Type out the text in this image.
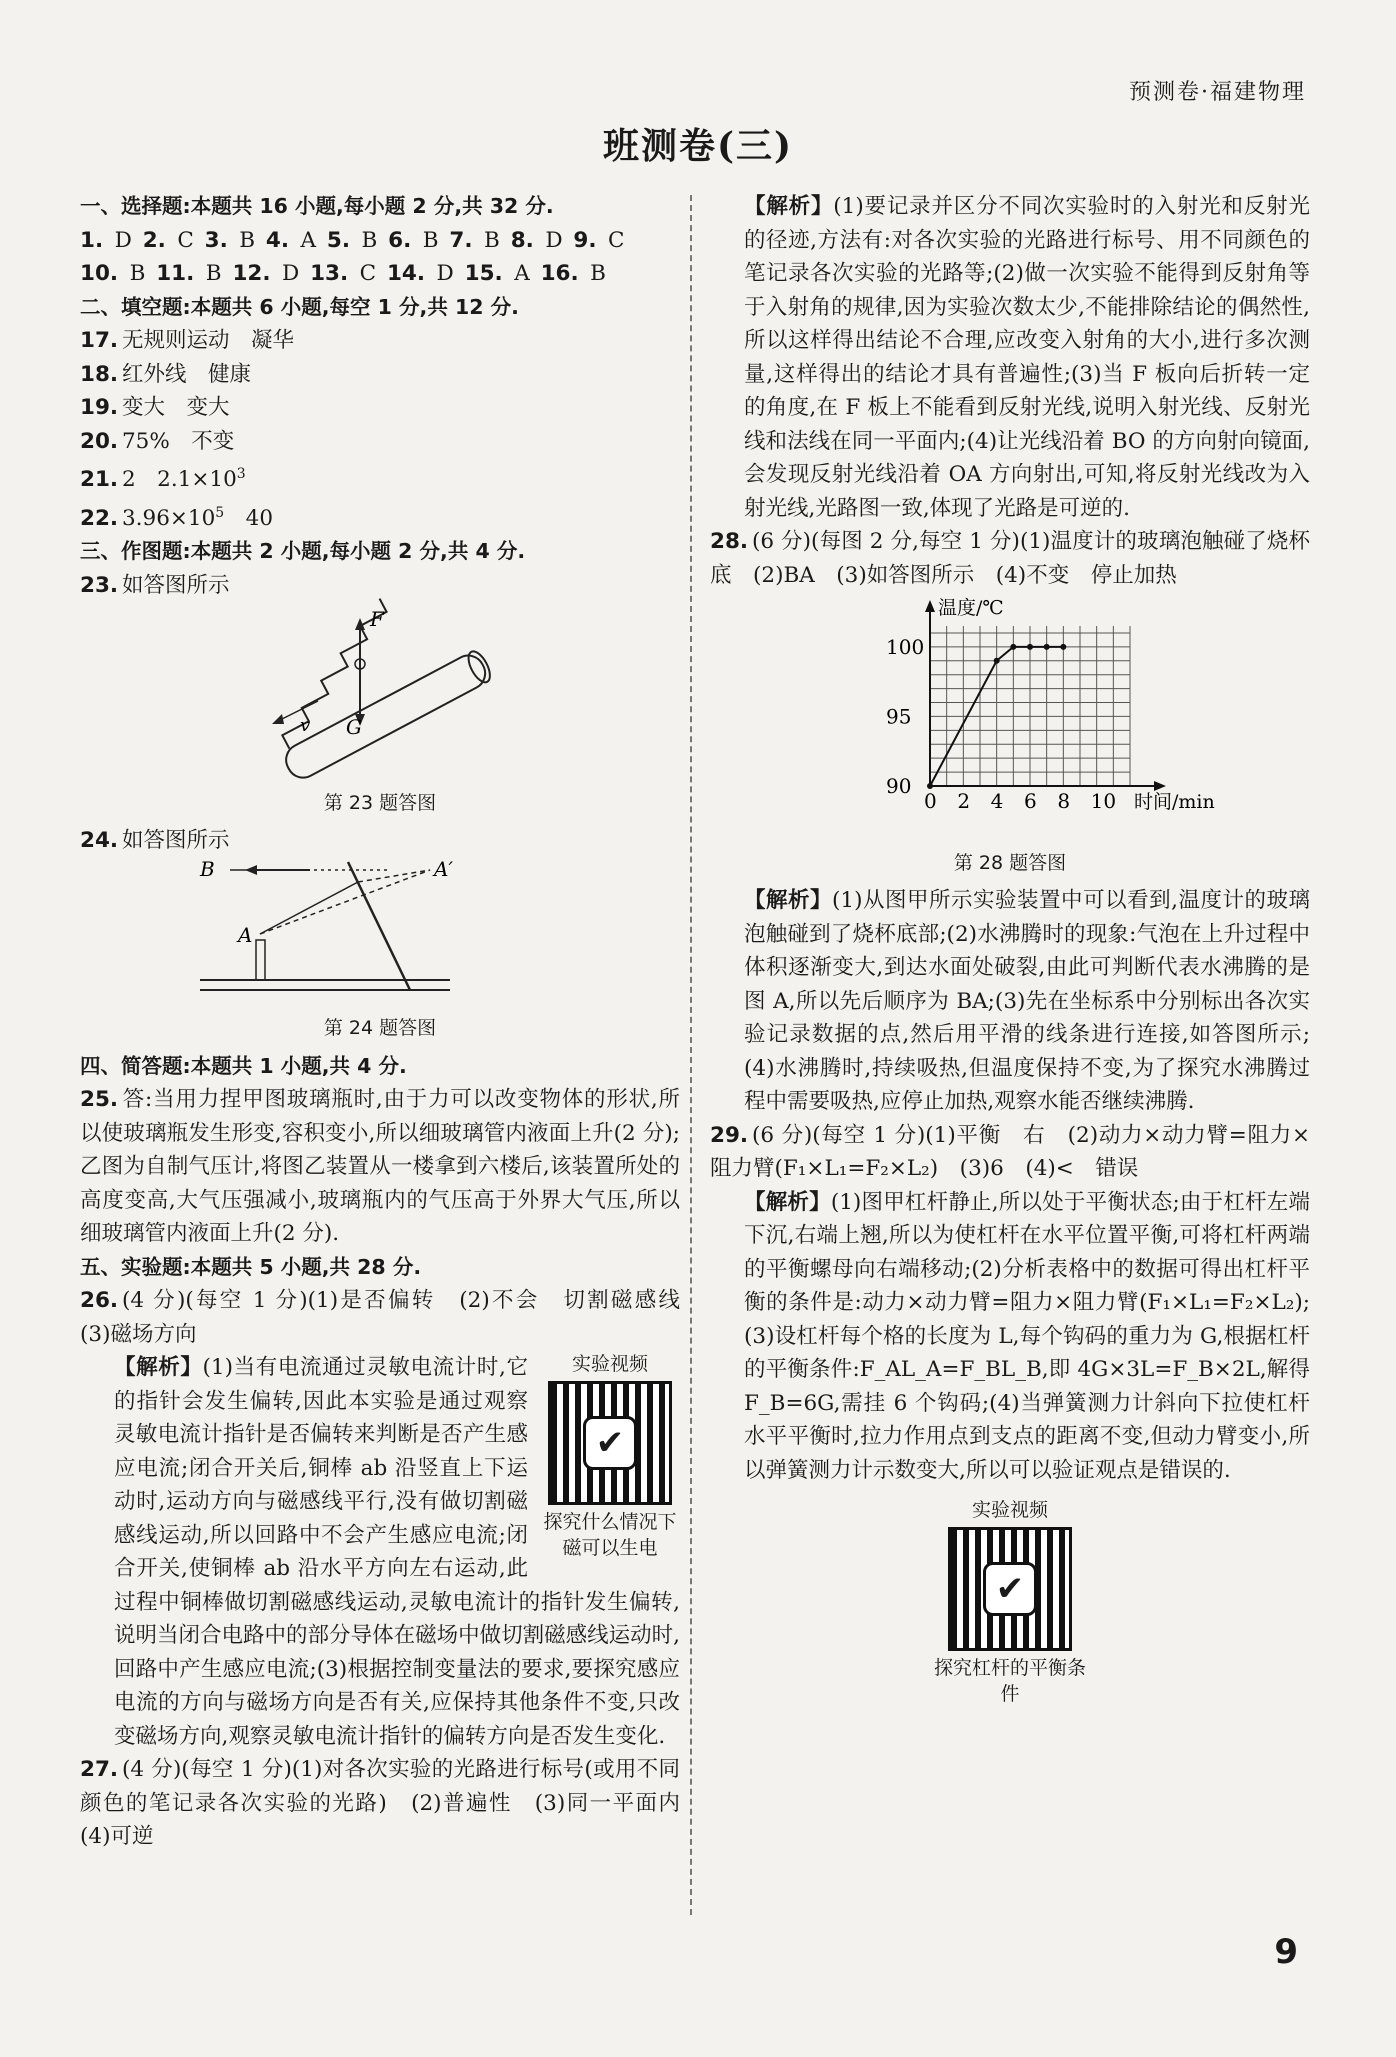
预测卷·福建物理
班测卷(三)
一、选择题:本题共 16 小题,每小题 2 分,共 32 分.
1. D 2. C 3. B 4. A 5. B 6. B 7. B 8. D 9. C
10. B 11. B 12. D 13. C 14. D 15. A 16. B
二、填空题:本题共 6 小题,每空 1 分,共 12 分.
17. 无规则运动　凝华
18. 红外线　健康
19. 变大　变大
20. 75%　不变
21. 2　$2.1\times 10^3$
22. $3.96\times 10^5$　40
三、作图题:本题共 2 小题,每小题 2 分,共 4 分.
23. 如答图所示
F
G
v
第 23 题答图
24. 如答图所示
B
A
A′
第 24 题答图
四、简答题:本题共 1 小题,共 4 分.
25. 答:当用力捏甲图玻璃瓶时,由于力可以改变物体的形状,所以使玻璃瓶发生形变,容积变小,所以细玻璃管内液面上升(2 分);乙图为自制气压计,将图乙装置从一楼拿到六楼后,该装置所处的高度变高,大气压强减小,玻璃瓶内的气压高于外界大气压,所以细玻璃管内液面上升(2 分).
五、实验题:本题共 5 小题,共 28 分.
26. (4 分)(每空 1 分)(1)是否偏转　(2)不会　切割磁感线　(3)磁场方向
实验视频
✔
探究什么情况下磁可以生电
【解析】(1)当有电流通过灵敏电流计时,它的指针会发生偏转,因此本实验是通过观察灵敏电流计指针是否偏转来判断是否产生感应电流;闭合开关后,铜棒 ab 沿竖直上下运动时,运动方向与磁感线平行,没有做切割磁感线运动,所以回路中不会产生感应电流;闭合开关,使铜棒 ab 沿水平方向左右运动,此过程中铜棒做切割磁感线运动,灵敏电流计的指针发生偏转,说明当闭合电路中的部分导体在磁场中做切割磁感线运动时,回路中产生感应电流;(3)根据控制变量法的要求,要探究感应电流的方向与磁场方向是否有关,应保持其他条件不变,只改变磁场方向,观察灵敏电流计指针的偏转方向是否发生变化.
27. (4 分)(每空 1 分)(1)对各次实验的光路进行标号(或用不同颜色的笔记录各次实验的光路)　(2)普遍性　(3)同一平面内　(4)可逆
【解析】(1)要记录并区分不同次实验时的入射光和反射光的径迹,方法有:对各次实验的光路进行标号、用不同颜色的笔记录各次实验的光路等;(2)做一次实验不能得到反射角等于入射角的规律,因为实验次数太少,不能排除结论的偶然性,所以这样得出结论不合理,应改变入射角的大小,进行多次测量,这样得出的结论才具有普遍性;(3)当 F 板向后折转一定的角度,在 F 板上不能看到反射光线,说明入射光线、反射光线和法线在同一平面内;(4)让光线沿着 BO 的方向射向镜面,会发现反射光线沿着 OA 方向射出,可知,将反射光线改为入射光线,光路图一致,体现了光路是可逆的.
28. (6 分)(每图 2 分,每空 1 分)(1)温度计的玻璃泡触碰了烧杯底　(2)BA　(3)如答图所示　(4)不变　停止加热
0 2 4 6 8 10
90
95
100
时间/min
温度/℃
第 28 题答图
【解析】(1)从图甲所示实验装置中可以看到,温度计的玻璃泡触碰到了烧杯底部;(2)水沸腾时的现象:气泡在上升过程中体积逐渐变大,到达水面处破裂,由此可判断代表水沸腾的是图 A,所以先后顺序为 BA;(3)先在坐标系中分别标出各次实验记录数据的点,然后用平滑的线条进行连接,如答图所示;(4)水沸腾时,持续吸热,但温度保持不变,为了探究水沸腾过程中需要吸热,应停止加热,观察水能否继续沸腾.
29. (6 分)(每空 1 分)(1)平衡　右　(2)动力×动力臂=阻力×阻力臂(F₁×L₁=F₂×L₂)　(3)6　(4)<　错误
【解析】(1)图甲杠杆静止,所以处于平衡状态;由于杠杆左端下沉,右端上翘,所以为使杠杆在水平位置平衡,可将杠杆两端的平衡螺母向右端移动;(2)分析表格中的数据可得出杠杆平衡的条件是:动力×动力臂=阻力×阻力臂(F₁×L₁=F₂×L₂);(3)设杠杆每个格的长度为 L,每个钩码的重力为 G,根据杠杆的平衡条件:F_AL_A=F_BL_B,即 4G×3L=F_B×2L,解得 F_B=6G,需挂 6 个钩码;(4)当弹簧测力计斜向下拉使杠杆水平平衡时,拉力作用点到支点的距离不变,但动力臂变小,所以弹簧测力计示数变大,所以可以验证观点是错误的.
实验视频
✔
探究杠杆的平衡条件
9
